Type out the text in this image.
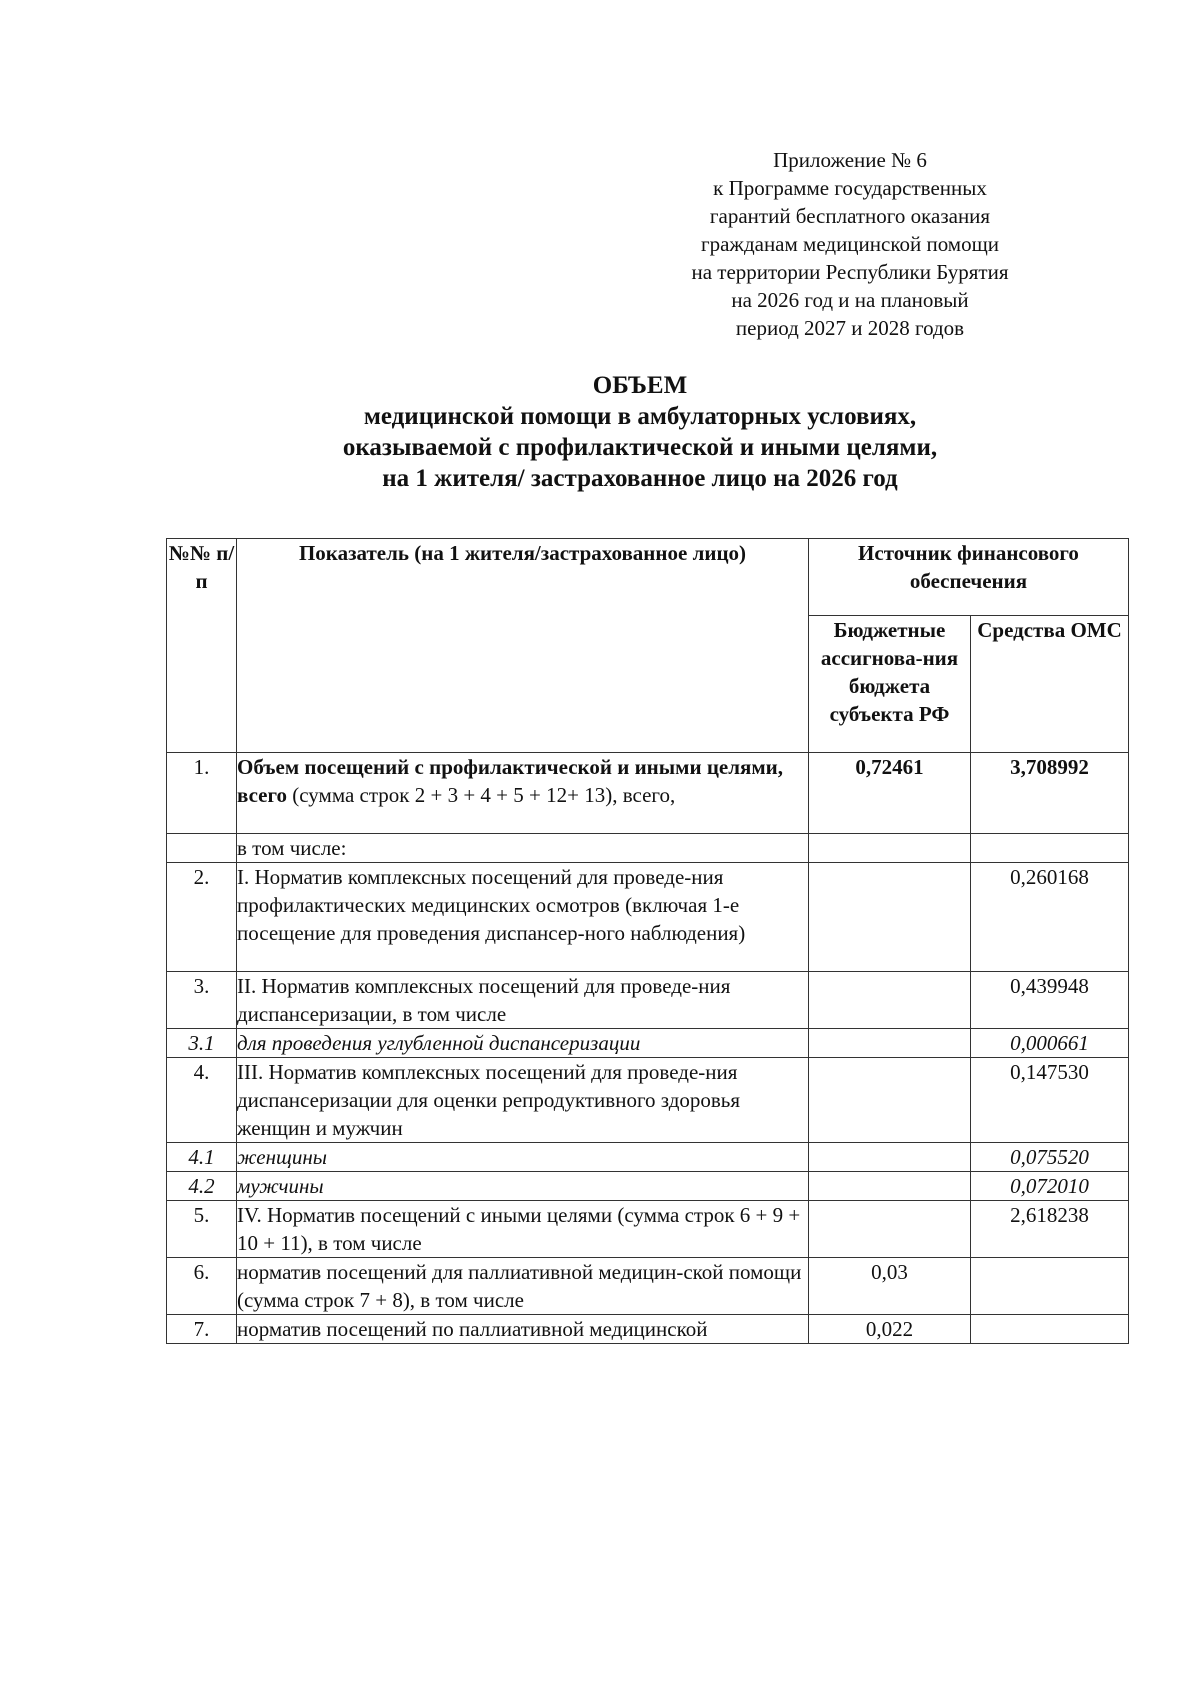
Приложение № 6
к Программе государственных
гарантий бесплатного оказания
гражданам медицинской помощи
на территории Республики Бурятия
на 2026 год и на плановый
период 2027 и 2028 годов
ОБЪЕМ
медицинской помощи в амбулаторных условиях,
оказываемой с профилактической и иными целями,
на 1 жителя/ застрахованное лицо на 2026 год
№№ п/п	Показатель (на 1 жителя/застрахованное лицо)	Источник финансового обеспечения	
		Бюджетные ассигнова-ния бюджета субъекта РФ	Средства ОМС
1.	Объем посещений с профилактической и иными целями, всего (сумма строк 2 + 3 + 4 + 5 + 12+ 13), всего,	0,72461	3,708992
	в том числе:		
2.	I. Норматив комплексных посещений для проведе-ния профилактических медицинских осмотров (включая 1-е посещение для проведения диспансер-ного наблюдения)		0,260168
3.	II. Норматив комплексных посещений для проведе-ния диспансеризации, в том числе		0,439948
3.1	для проведения углубленной диспансеризации		0,000661
4.	III. Норматив комплексных посещений для проведе-ния диспансеризации для оценки репродуктивного здоровья женщин и мужчин		0,147530
4.1	женщины		0,075520
4.2	мужчины		0,072010
5.	IV. Норматив посещений с иными целями (сумма строк 6 + 9 + 10 + 11), в том числе		2,618238
6.	норматив посещений для паллиативной медицин-ской помощи (сумма строк 7 + 8), в том числе	0,03	
7.	норматив посещений по паллиативной медицинской	0,022	
